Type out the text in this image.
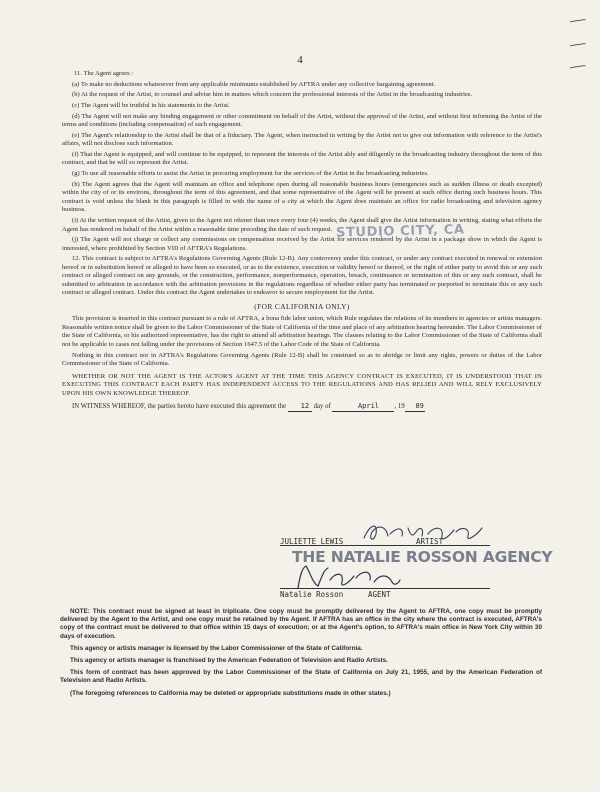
4

11. The Agent agrees :

(a) To make no deductions whatsoever from any applicable minimums established by AFTRA under any collective bargaining agreement.

(b) At the request of the Artist, to counsel and advise him in matters which concern the professional interests of the Artist in the broadcasting industries.

(c) The Agent will be truthful in his statements to the Artist.

(d) The Agent will not make any binding engagement or other commitment on behalf of the Artist, without the approval of the Artist, and without first informing the Artist of the terms and conditions (including compensation) of such engagement.

(e) The Agent's relationship to the Artist shall be that of a fiduciary. The Agent, when instructed in writing by the Artist not to give out information with reference to the Artist's affairs, will not disclose such information.

(f) That the Agent is equipped, and will continue to be equipped, to represent the interests of the Artist ably and diligently in the broadcasting industry throughout the term of this contract, and that he will so represent the Artist.

(g) To use all reasonable efforts to assist the Artist in procuring employment for the services of the Artist in the broadcasting industries.

(h) The Agent agrees that the Agent will maintain an office and telephone open during all reasonable business hours (emergencies such as sudden illness or death excepted) within the city of or its environs, throughout the term of this agreement, and that some representative of the Agent will be present at such office during such business hours. This contract is void unless the blank in this paragraph is filled in with the name of a city at which the Agent does maintain an office for radio broadcasting and television agency business.

(i) At the written request of the Artist, given to the Agent not oftener than once every four (4) weeks, the Agent shall give the Artist information in writing, stating what efforts the Agent has rendered on behalf of the Artist within a reasonable time preceding the date of such request.

(j) The Agent will not charge or collect any commissions on compensation received by the Artist for services rendered by the Artist in a package show in which the Agent is interested, where prohibited by Section VIII of AFTRA's Regulations.

12. This contract is subject to AFTRA's Regulations Governing Agents (Rule 12-B). Any controversy under this contract, or under any contract executed in renewal or extension hereof or in substitution hereof or alleged to have been so executed, or as to the existence, execution or validity hereof or thereof, or the right of either party to avoid this or any such contract or alleged contract on any grounds, or the construction, performance, nonperformance, operation, breach, continuance or termination of this or any such contract, shall be submitted to arbitration in accordance with the arbitration provisions in the regulations regardless of whether either party has terminated or purported to terminate this or any such contract or alleged contract. Under this contract the Agent undertakes to endeavor to secure employment for the Artist.

(FOR CALIFORNIA ONLY)

This provision is inserted in this contract pursuant to a rule of AFTRA, a bona fide labor union, which Rule regulates the relations of its members to agencies or artists managers. Reasonable written notice shall be given to the Labor Commissioner of the State of California of the time and place of any arbitration hearing hereunder. The Labor Commissioner of the State of California, or his authorized representative, has the right to attend all arbitration hearings. The clauses relating to the Labor Commissioner of the State of California shall not be applicable to cases not falling under the provisions of Section 1647.5 of the Labor Code of the State of California.

Nothing in this contract nor in AFTRA's Regulations Governing Agents (Rule 12-B) shall be construed so as to abridge or limit any rights, powers or duties of the Labor Commissioner of the State of California.

WHETHER OR NOT THE AGENT IS THE ACTOR'S AGENT AT THE TIME THIS AGENCY CONTRACT IS EXECUTED, IT IS UNDERSTOOD THAT IN EXECUTING THIS CONTRACT EACH PARTY HAS INDEPENDENT ACCESS TO THE REGULATIONS AND HAS RELIED AND WILL RELY EXCLUSIVELY UPON HIS OWN KNOWLEDGE THEREOF.

IN WITNESS WHEREOF, the parties hereto have executed this agreement the 12 day of	April , 19 89

STUDIO CITY, CA
JULIETTE LEWIS	ARTIST
THE NATALIE ROSSON AGENCY
Natalie Rosson	AGENT

NOTE: This contract must be signed at least in triplicate. One copy must be promptly delivered by the Agent to AFTRA, one copy must be promptly delivered by the Agent to the Artist, and one copy must be retained by the Agent. If AFTRA has an office in the city where the contract is executed, AFTRA's copy of the contract must be delivered to that office within 15 days of execution; or at the Agent's option, to AFTRA's main office in New York City within 30 days of execution.

This agency or artists manager is licensed by the Labor Commissioner of the State of California.

This agency or artists manager is franchised by the American Federation of Television and Radio Artists.

This form of contract has been approved by the Labor Commissioner of the State of California on July 21, 1955, and by the American Federation of Television and Radio Artists.

(The foregoing references to California may be deleted or appropriate substitutions made in other states.)
